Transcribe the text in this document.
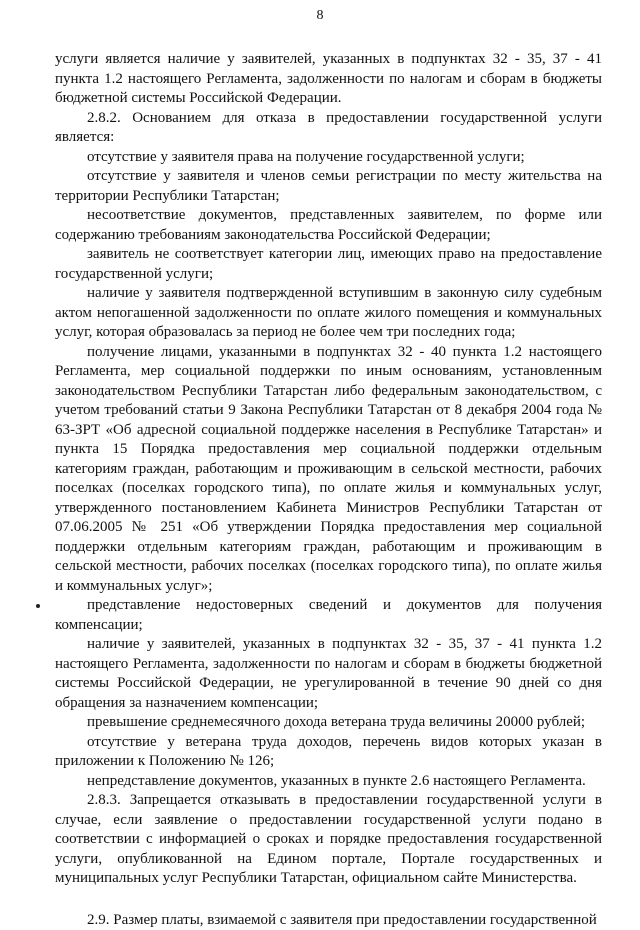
8

услуги является наличие у заявителей, указанных в подпунктах 32 - 35, 37 - 41 пункта 1.2 настоящего Регламента, задолженности по налогам и сборам в бюджеты бюджетной системы Российской Федерации.

2.8.2. Основанием для отказа в предоставлении государственной услуги является:

отсутствие у заявителя права на получение государственной услуги;

отсутствие у заявителя и членов семьи регистрации по месту жительства на территории Республики Татарстан;

несоответствие документов, представленных заявителем, по форме или содержанию требованиям законодательства Российской Федерации;

заявитель не соответствует категории лиц, имеющих право на предоставление государственной услуги;

наличие у заявителя подтвержденной вступившим в законную силу судебным актом непогашенной задолженности по оплате жилого помещения и коммунальных услуг, которая образовалась за период не более чем три последних года;

получение лицами, указанными в подпунктах 32 - 40 пункта 1.2 настоящего Регламента, мер социальной поддержки по иным основаниям, установленным законодательством Республики Татарстан либо федеральным законодательством, с учетом требований статьи 9 Закона Республики Татарстан от 8 декабря 2004 года № 63-ЗРТ «Об адресной социальной поддержке населения в Республике Татарстан» и пункта 15 Порядка предоставления мер социальной поддержки отдельным категориям граждан, работающим и проживающим в сельской местности, рабочих поселках (поселках городского типа), по оплате жилья и коммунальных услуг, утвержденного постановлением Кабинета Министров Республики Татарстан от 07.06.2005 № 251 «Об утверждении Порядка предоставления мер социальной поддержки отдельным категориям граждан, работающим и проживающим в сельской местности, рабочих поселках (поселках городского типа), по оплате жилья и коммунальных услуг»;

представление недостоверных сведений и документов для получения компенсации;

наличие у заявителей, указанных в подпунктах 32 - 35, 37 - 41 пункта 1.2 настоящего Регламента, задолженности по налогам и сборам в бюджеты бюджетной системы Российской Федерации, не урегулированной в течение 90 дней со дня обращения за назначением компенсации;

превышение среднемесячного дохода ветерана труда величины 20000 рублей;

отсутствие у ветерана труда доходов, перечень видов которых указан в приложении к Положению № 126;

непредставление документов, указанных в пункте 2.6 настоящего Регламента.

2.8.3. Запрещается отказывать в предоставлении государственной услуги в случае, если заявление о предоставлении государственной услуги подано в соответствии с информацией о сроках и порядке предоставления государственной услуги, опубликованной на Едином портале, Портале государственных и муниципальных услуг Республики Татарстан, официальном сайте Министерства.

2.9. Размер платы, взимаемой с заявителя при предоставлении государственной
